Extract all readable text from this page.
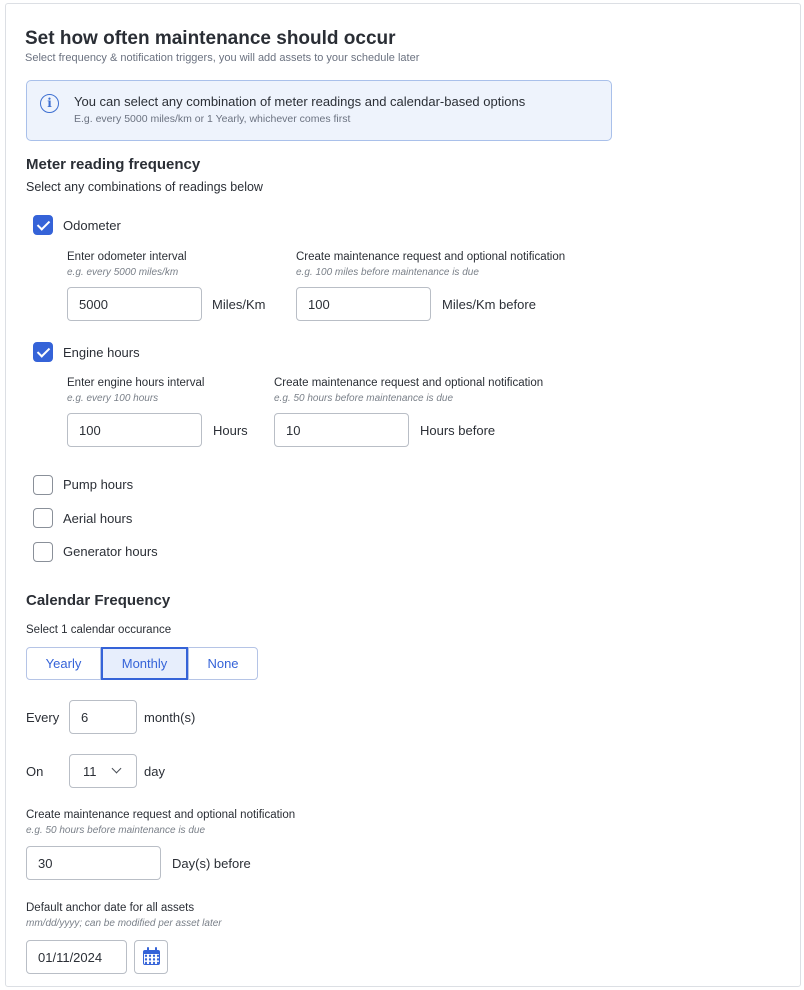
Set how often maintenance should occur
Select frequency & notification triggers, you will add assets to your schedule later
i	You can select any combination of meter readings and calendar-based options
E.g. every 5000 miles/km or 1 Yearly, whichever comes first
Meter reading frequency
Select any combinations of readings below
Odometer
Enter odometer interval
e.g. every 5000 miles/km
5000
Miles/Km
Create maintenance request and optional notification
e.g. 100 miles before maintenance is due
100
Miles/Km before
Engine hours
Enter engine hours interval
e.g. every 100 hours
100
Hours
Create maintenance request and optional notification
e.g. 50 hours before maintenance is due
10
Hours before
Pump hours
Aerial hours
Generator hours
Calendar Frequency
Select 1 calendar occurance
Yearly	Monthly	None
Every
6	month(s)
On	11	day
Create maintenance request and optional notification
e.g. 50 hours before maintenance is due
30
Day(s) before
Default anchor date for all assets
mm/dd/yyyy; can be modified per asset later
01/11/2024
